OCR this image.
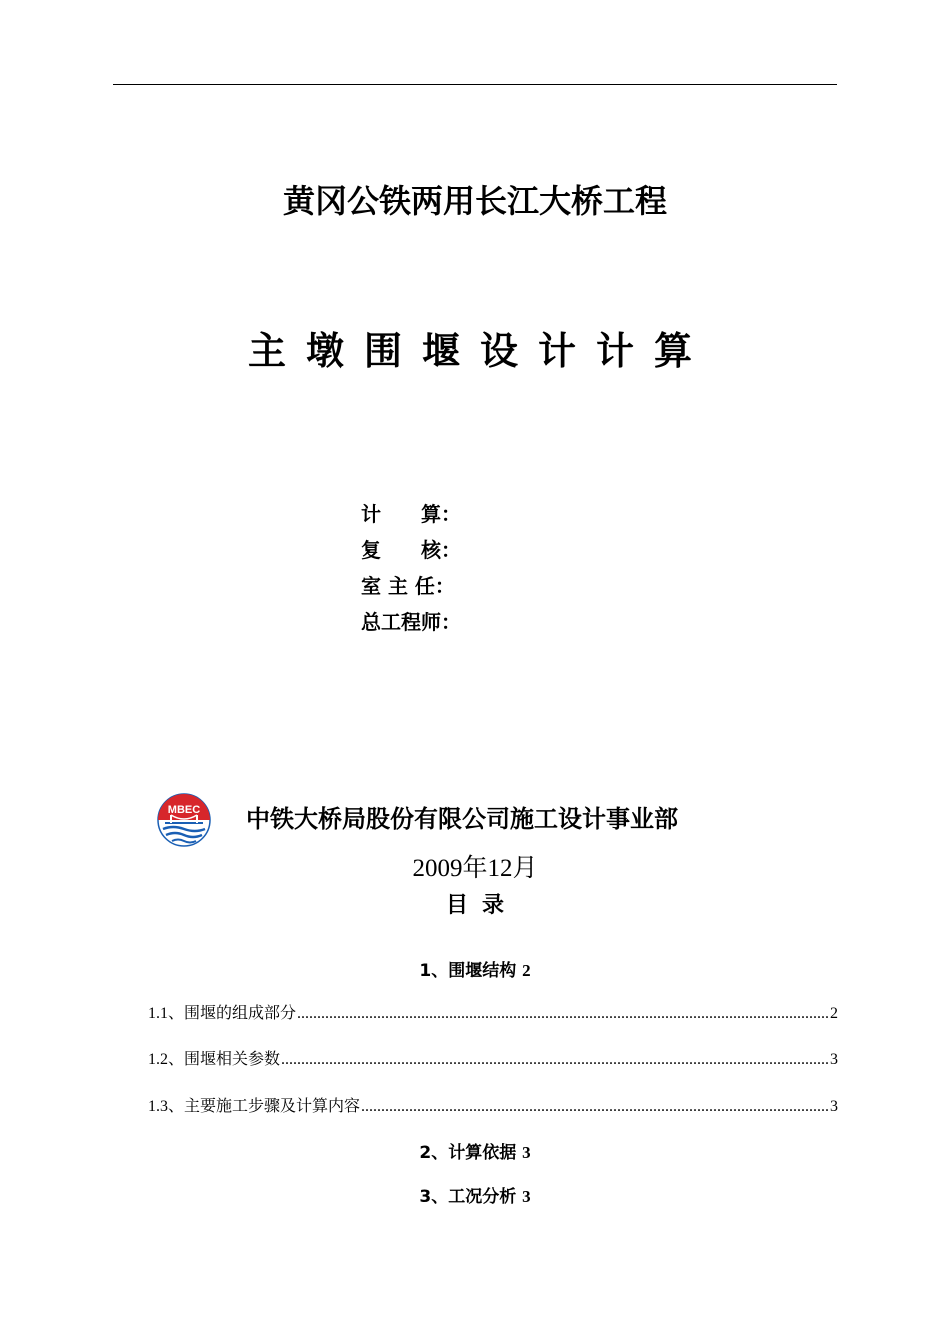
黄冈公铁两用长江大桥工程
主墩围堰设计计算
计 算：
复 核：
室 主 任：
总工程师：
MBEC 中铁大桥局股份有限公司施工设计事业部
2009年12月
目录
1、围堰结构 2
1.1、围堰的组成部分 .....	2
1.2、围堰相关参数 .....	3
1.3、主要施工步骤及计算内容 .....	3
2、计算依据 3
3、工况分析 3
